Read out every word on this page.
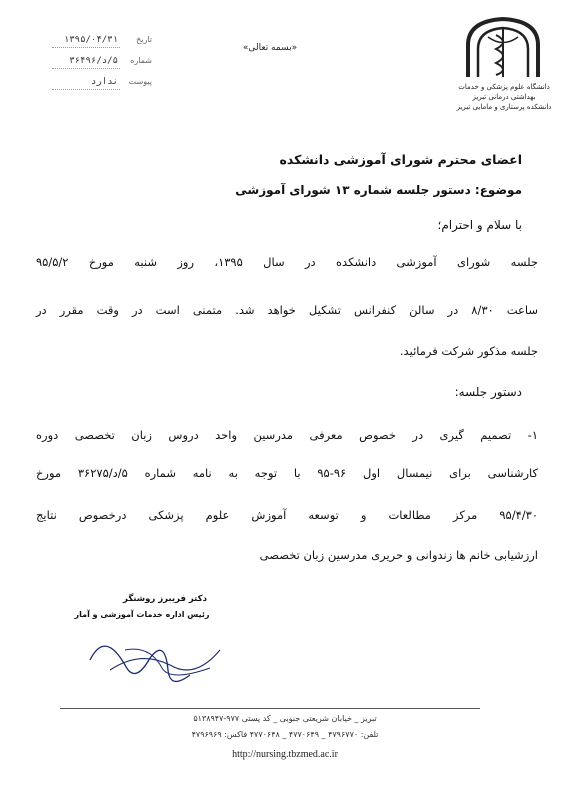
تاریخ
۱۳۹۵/۰۴/۳۱
شماره
۵/د/۳۶۴۹۶
پیوست
ندارد
«بسمه تعالی»
دانشگاه علوم پزشکی و خدمات بهداشتی درمانی تبریز
دانشکده پرستاری و مامایی تبریز
اعضای محترم شورای آموزشی دانشکده
موضوع: دستور جلسه شماره ۱۳ شورای آموزشی
با سلام و احترام؛
جلسه شورای آموزشی دانشکده در سال ۱۳۹۵، روز شنبه مورخ ۹۵/۵/۲
ساعت ۸/۳۰ در سالن کنفرانس تشکیل خواهد شد. متمنی است در وقت مقرر در
جلسه مذکور شرکت فرمائید.
دستور جلسه:
۱- تصمیم گیری در خصوص معرفی مدرسین واحد دروس زبان تخصصی دوره
کارشناسی برای نیمسال اول ۹۶-۹۵ با توجه به نامه شماره ۵/د/۳۶۲۷۵ مورخ
۹۵/۴/۳۰ مرکز مطالعات و توسعه آموزش علوم پزشکی درخصوص نتایج
ارزشیابی خانم ها زندوانی و حریری مدرسین زبان تخصصی
دکتر فریبرز روشنگر
رئیس اداره خدمات آموزشی و آمار
تبریز _ خیابان شریعتی جنوبی _ کد پستی ۹۷۷-۵۱۳۸۹۴۷
تلفن: ۴۷۹۶۷۷۰ _ ۴۷۷۰۶۴۹ _ ۴۷۷۰۶۴۸ فاکس: ۴۷۹۶۹۶۹
http://nursing.tbzmed.ac.ir
